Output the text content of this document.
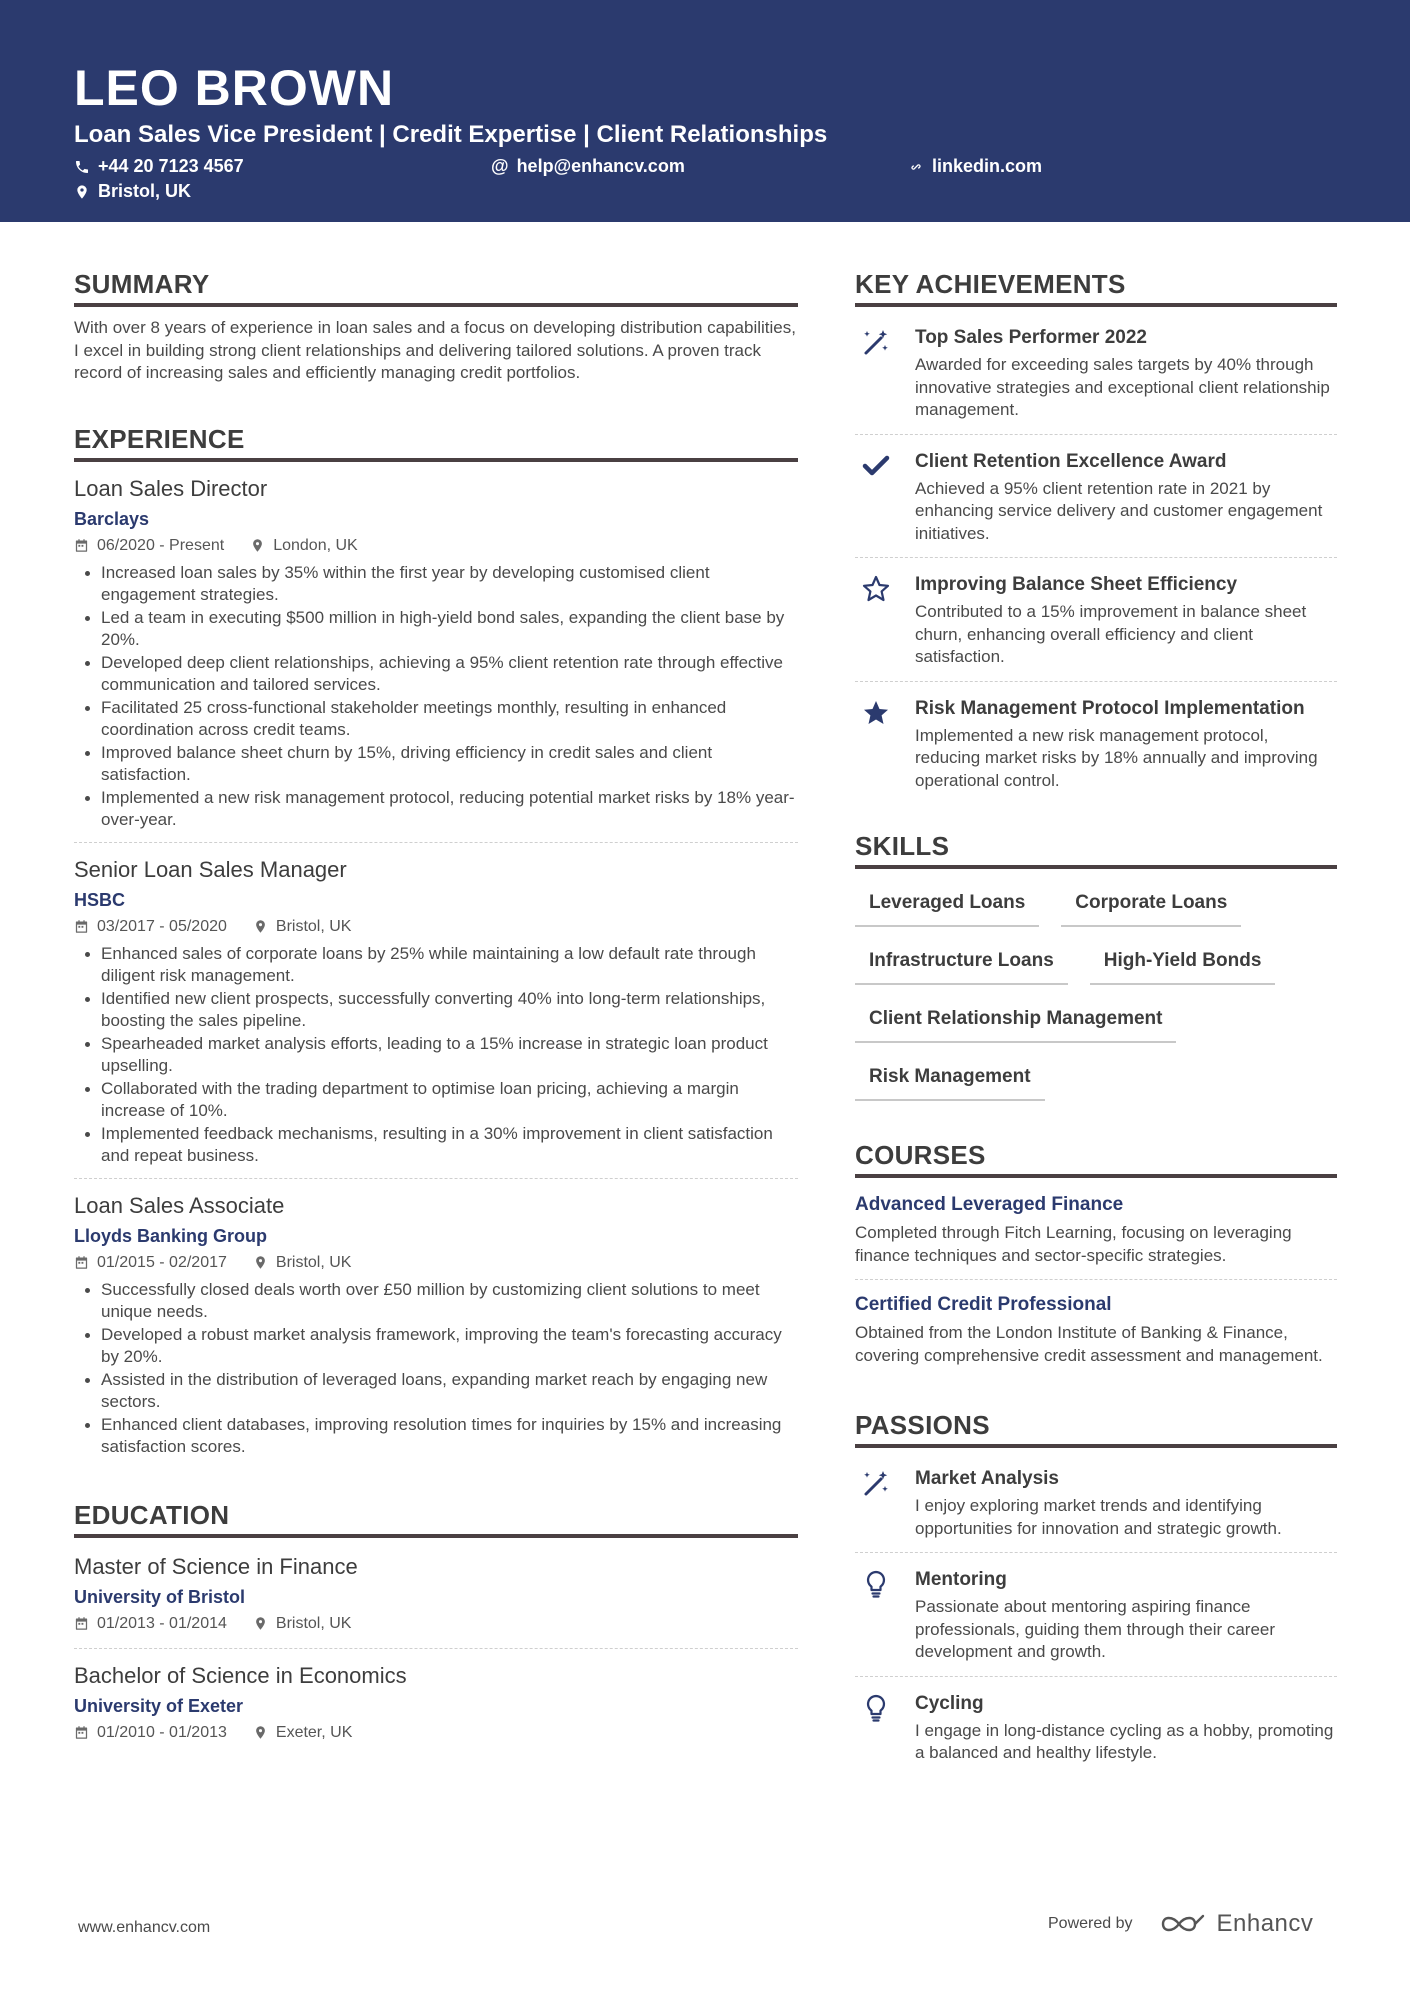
LEO BROWN
Loan Sales Vice President | Credit Expertise | Client Relationships
+44 20 7123 4567	@ help@enhancv.com	linkedin.com
Bristol, UK
SUMMARY

With over 8 years of experience in loan sales and a focus on developing distribution capabilities, I excel in building strong client relationships and delivering tailored solutions. A proven track record of increasing sales and efficiently managing credit portfolios.

EXPERIENCE
Loan Sales Director
Barclays
06/2020 - Present	London, UK
Increased loan sales by 35% within the first year by developing customised client engagement strategies.
Led a team in executing $500 million in high-yield bond sales, expanding the client base by 20%.
Developed deep client relationships, achieving a 95% client retention rate through effective communication and tailored services.
Facilitated 25 cross-functional stakeholder meetings monthly, resulting in enhanced coordination across credit teams.
Improved balance sheet churn by 15%, driving efficiency in credit sales and client satisfaction.
Implemented a new risk management protocol, reducing potential market risks by 18% year-over-year.
Senior Loan Sales Manager
HSBC
03/2017 - 05/2020	Bristol, UK
Enhanced sales of corporate loans by 25% while maintaining a low default rate through diligent risk management.
Identified new client prospects, successfully converting 40% into long-term relationships, boosting the sales pipeline.
Spearheaded market analysis efforts, leading to a 15% increase in strategic loan product upselling.
Collaborated with the trading department to optimise loan pricing, achieving a margin increase of 10%.
Implemented feedback mechanisms, resulting in a 30% improvement in client satisfaction and repeat business.
Loan Sales Associate
Lloyds Banking Group
01/2015 - 02/2017	Bristol, UK
Successfully closed deals worth over £50 million by customizing client solutions to meet unique needs.
Developed a robust market analysis framework, improving the team's forecasting accuracy by 20%.
Assisted in the distribution of leveraged loans, expanding market reach by engaging new sectors.
Enhanced client databases, improving resolution times for inquiries by 15% and increasing satisfaction scores.
EDUCATION
Master of Science in Finance
University of Bristol
01/2013 - 01/2014	Bristol, UK
Bachelor of Science in Economics
University of Exeter
01/2010 - 01/2013	Exeter, UK
KEY ACHIEVEMENTS
Top Sales Performer 2022
Awarded for exceeding sales targets by 40% through innovative strategies and exceptional client relationship management.
Client Retention Excellence Award
Achieved a 95% client retention rate in 2021 by enhancing service delivery and customer engagement initiatives.
Improving Balance Sheet Efficiency
Contributed to a 15% improvement in balance sheet churn, enhancing overall efficiency and client satisfaction.
Risk Management Protocol Implementation
Implemented a new risk management protocol, reducing market risks by 18% annually and improving operational control.
SKILLS
Leveraged Loans	Corporate Loans
Infrastructure Loans	High-Yield Bonds
Client Relationship Management
Risk Management
COURSES
Advanced Leveraged Finance
Completed through Fitch Learning, focusing on leveraging finance techniques and sector-specific strategies.
Certified Credit Professional
Obtained from the London Institute of Banking & Finance, covering comprehensive credit assessment and management.
PASSIONS
Market Analysis
I enjoy exploring market trends and identifying opportunities for innovation and strategic growth.
Mentoring
Passionate about mentoring aspiring finance professionals, guiding them through their career development and growth.
Cycling
I engage in long-distance cycling as a hobby, promoting a balanced and healthy lifestyle.
www.enhancv.com	Powered by	Enhancv
